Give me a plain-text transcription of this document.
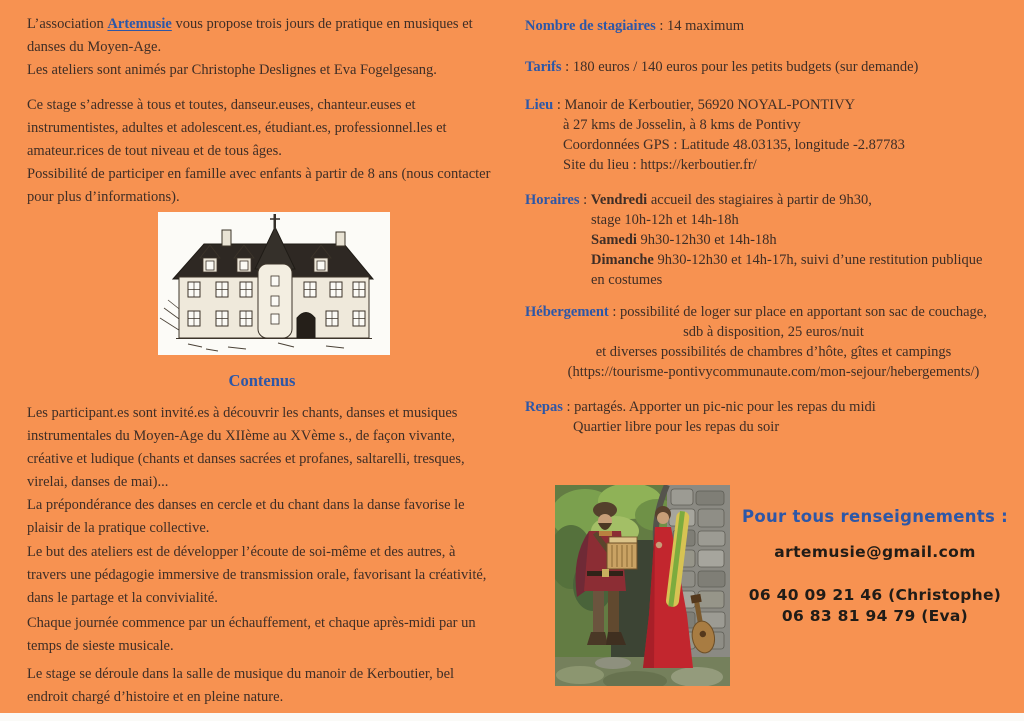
L’association Artemusie vous propose trois jours de pratique en musiques et danses du Moyen-Age.
Les ateliers sont animés par Christophe Deslignes et Eva Fogelgesang.
Ce stage s’adresse à tous et toutes, danseur.euses, chanteur.euses et instrumentistes, adultes et adolescent.es, étudiant.es, professionnel.les et amateur.rices de tout niveau et de tous âges.
Possibilité de participer en famille avec enfants à partir de 8 ans (nous contacter pour plus d’informations).
Contenus
Les participant.es sont invité.es à découvrir les chants, danses et musiques instrumentales du Moyen-Age du XIIème au XVème s., de façon vivante, créative et ludique (chants et danses sacrées et profanes, saltarelli, tresques, virelai, danses de mai)...
La prépondérance des danses en cercle et du chant dans la danse favorise le plaisir de la pratique collective.
Le but des ateliers est de développer l’écoute de soi-même et des autres, à travers une pédagogie immersive de transmission orale, favorisant la créativité, dans le partage et la convivialité.
Chaque journée commence par un échauffement, et chaque après-midi par un temps de sieste musicale.
Le stage se déroule dans la salle de musique du manoir de Kerboutier, bel endroit chargé d’histoire et en pleine nature.
Nombre de stagiaires : 14 maximum
Tarifs : 180 euros / 140 euros pour les petits budgets (sur demande)
Lieu : Manoir de Kerboutier, 56920 NOYAL-PONTIVY
à 27 kms de Josselin, à 8 kms de Pontivy
Coordonnées GPS : Latitude 48.03135, longitude -2.87783
Site du lieu : https://kerboutier.fr/
Horaires : Vendredi accueil des stagiaires à partir de 9h30,
stage 10h-12h et 14h-18h
Samedi 9h30-12h30 et 14h-18h
Dimanche 9h30-12h30 et 14h-17h, suivi d’une restitution publique
en costumes
Hébergement : possibilité de loger sur place en apportant son sac de couchage,
sdb à disposition, 25 euros/nuit
et diverses possibilités de chambres d’hôte, gîtes et campings
(https://tourisme-pontivycommunaute.com/mon-sejour/hebergements/)
Repas : partagés. Apporter un pic-nic pour les repas du midi
Quartier libre pour les repas du soir
Pour tous renseignements :
artemusie@gmail.com
06 40 09 21 46 (Christophe)
06 83 81 94 79 (Eva)
